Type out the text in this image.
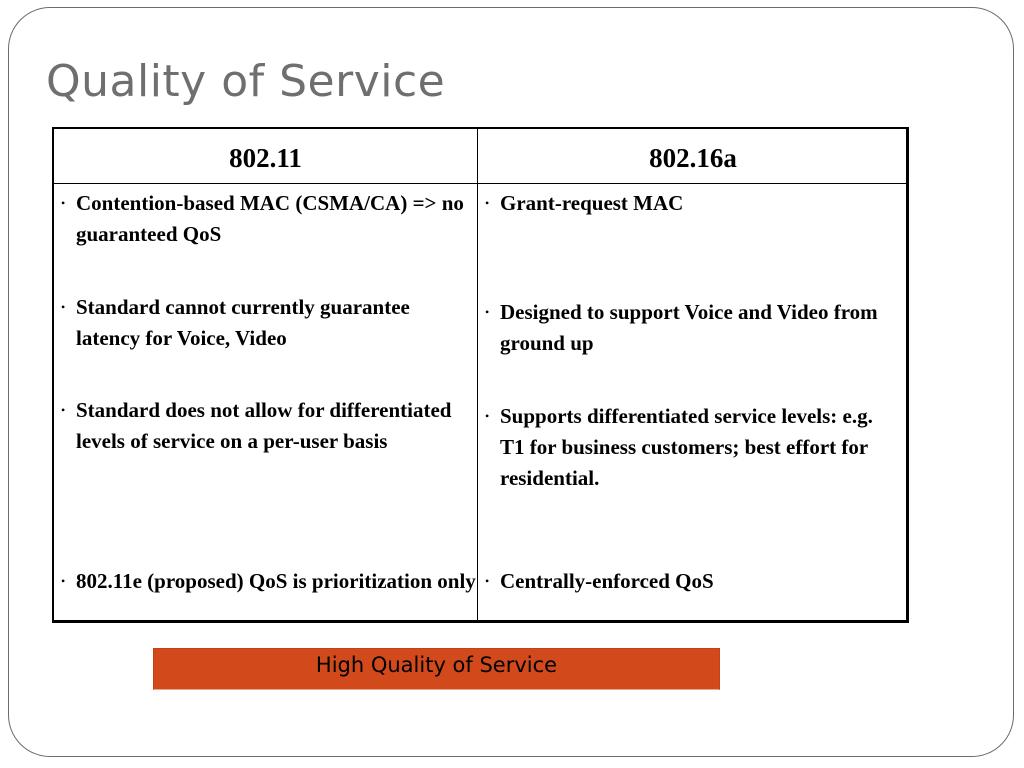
Quality of Service
802.11	802.16a
• Contention-based MAC (CSMA/CA) => no guaranteed QoS
• Standard cannot currently guarantee latency for Voice, Video
• Standard does not allow for differentiated levels of service on a per-user basis
• 802.11e (proposed) QoS is prioritization only
• Grant-request MAC
• Designed to support Voice and Video from ground up
• Supports differentiated service levels: e.g. T1 for business customers; best effort for residential.
• Centrally-enforced QoS
High Quality of Service
